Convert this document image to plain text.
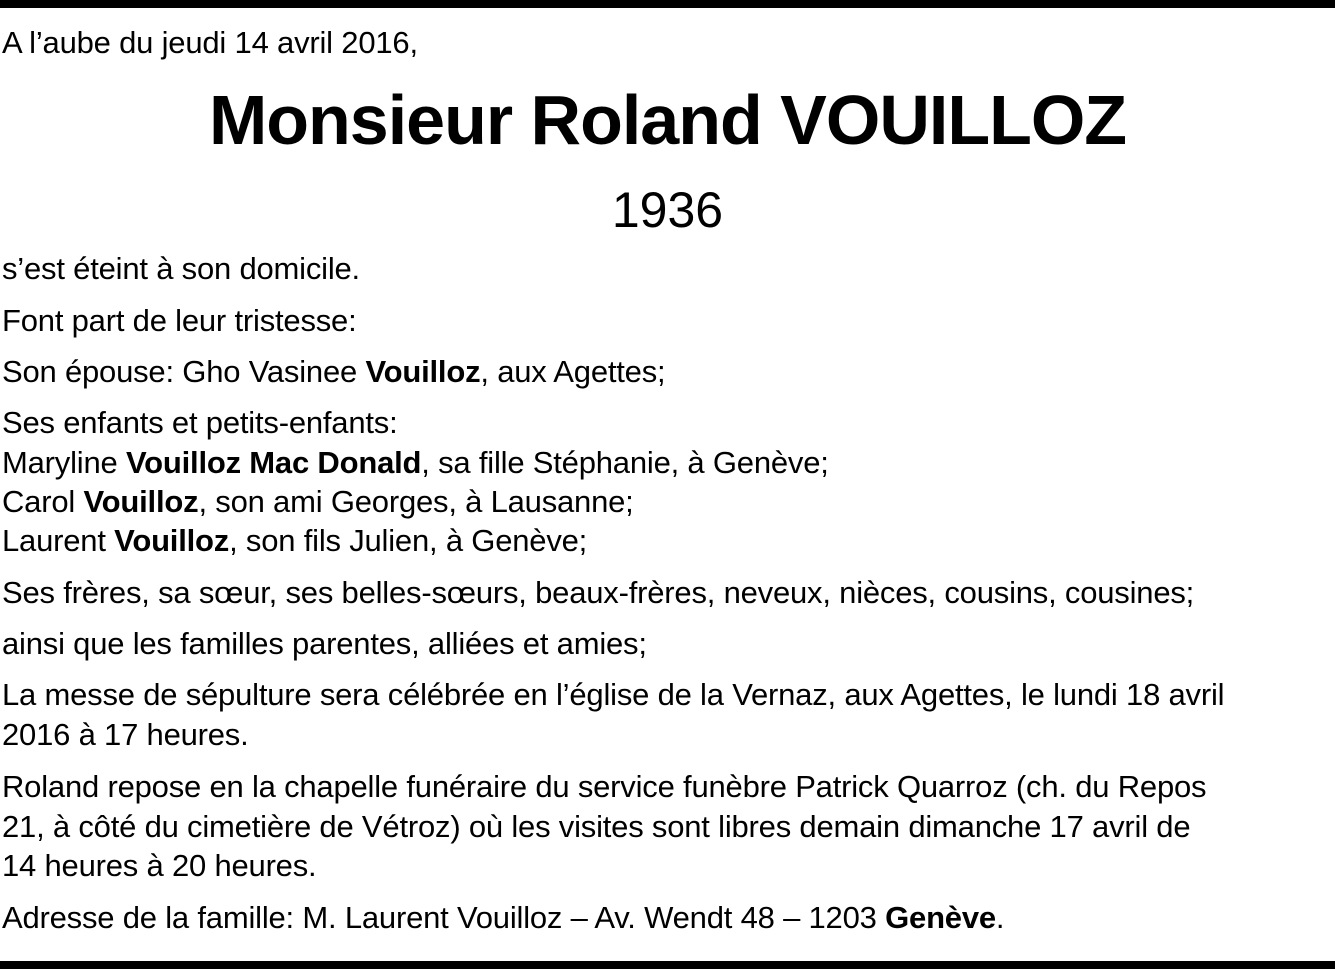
A l’aube du jeudi 14 avril 2016,
Monsieur Roland VOUILLOZ
1936
s’est éteint à son domicile.
Font part de leur tristesse:
Son épouse: Gho Vasinee Vouilloz, aux Agettes;
Ses enfants et petits-enfants:
Maryline Vouilloz Mac Donald, sa fille Stéphanie, à Genève;
Carol Vouilloz, son ami Georges, à Lausanne;
Laurent Vouilloz, son fils Julien, à Genève;
Ses frères, sa sœur, ses belles-sœurs, beaux-frères, neveux, nièces, cousins, cousines;
ainsi que les familles parentes, alliées et amies;
La messe de sépulture sera célébrée en l’église de la Vernaz, aux Agettes, le lundi 18 avril
2016 à 17 heures.
Roland repose en la chapelle funéraire du service funèbre Patrick Quarroz (ch. du Repos
21, à côté du cimetière de Vétroz) où les visites sont libres demain dimanche 17 avril de
14 heures à 20 heures.
Adresse de la famille: M. Laurent Vouilloz – Av. Wendt 48 – 1203 Genève.
